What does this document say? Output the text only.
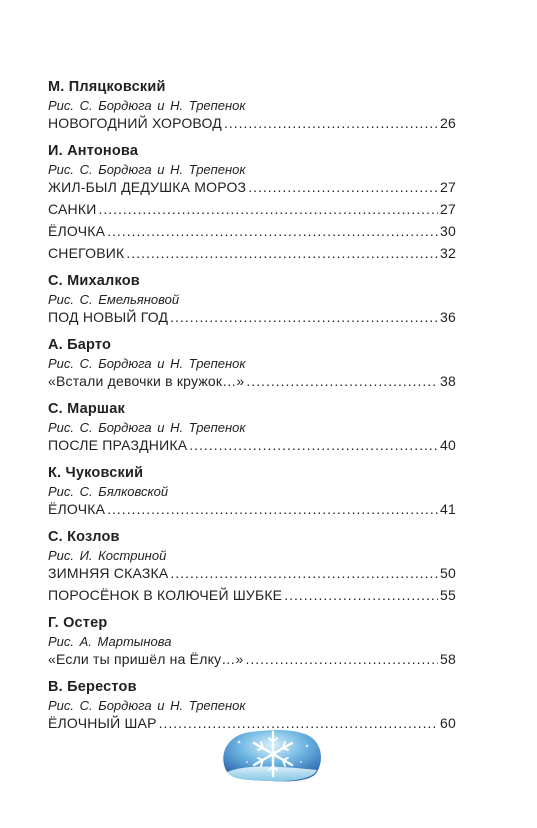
М. Пляцковский
Рис. С. Бордюга и Н. Трепенок
НОВОГОДНИЙ ХОРОВОД .....	26
И. Антонова
Рис. С. Бордюга и Н. Трепенок
ЖИЛ-БЫЛ ДЕДУШКА МОРОЗ .....	27
САНКИ .....	27
ЁЛОЧКА .....	30
СНЕГОВИК .....	32
С. Михалков
Рис. С. Емельяновой
ПОД НОВЫЙ ГОД .....	36
А. Барто
Рис. С. Бордюга и Н. Трепенок
«Встали девочки в кружок…» .....	38
С. Маршак
Рис. С. Бордюга и Н. Трепенок
ПОСЛЕ ПРАЗДНИКА .....	40
К. Чуковский
Рис. С. Бялковской
ЁЛОЧКА .....	41
С. Козлов
Рис. И. Костриной
ЗИМНЯЯ СКАЗКА .....	50
ПОРОСЁНОК В КОЛЮЧЕЙ ШУБКЕ .....	55
Г. Остер
Рис. А. Мартынова
«Если ты пришёл на Ёлку…» .....	58
В. Берестов
Рис. С. Бордюга и Н. Трепенок
ЁЛОЧНЫЙ ШАР .....	60
